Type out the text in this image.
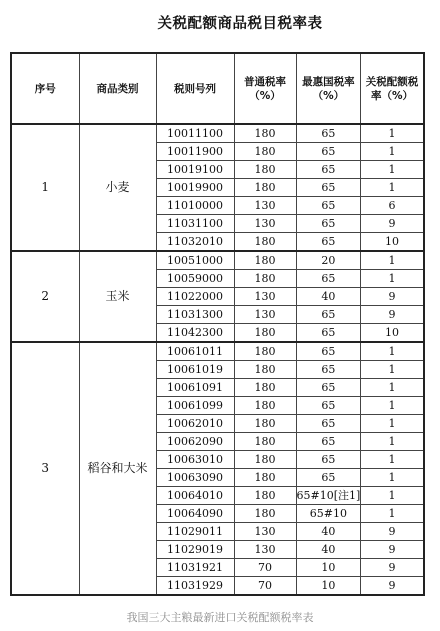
关税配额商品税目税率表
序号	商品类别	税则号列	普通税率（%）	最惠国税率（%）	关税配额税率（%）
1	小麦	10011100	180	65	1
		10011900	180	65	1
		10019100	180	65	1
		10019900	180	65	1
		11010000	130	65	6
		11031100	130	65	9
		11032010	180	65	10
2	玉米	10051000	180	20	1
		10059000	180	65	1
		11022000	130	40	9
		11031300	130	65	9
		11042300	180	65	10
3	稻谷和大米	10061011	180	65	1
		10061019	180	65	1
		10061091	180	65	1
		10061099	180	65	1
		10062010	180	65	1
		10062090	180	65	1
		10063010	180	65	1
		10063090	180	65	1
		10064010	180	65#10[注1]	1
		10064090	180	65#10	1
		11029011	130	40	9
		11029019	130	40	9
		11031921	70	10	9
		11031929	70	10	9
我国三大主粮最新进口关税配额税率表
